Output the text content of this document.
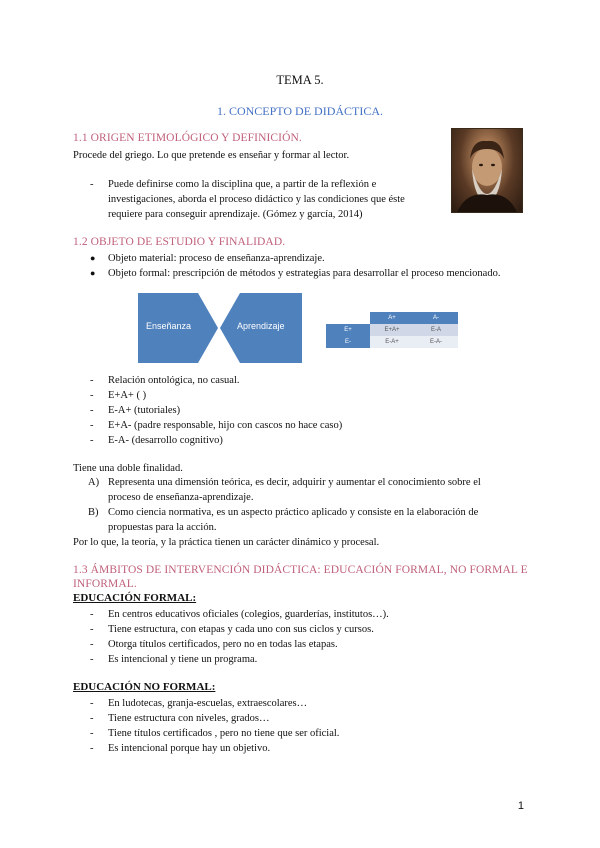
TEMA 5.
1. CONCEPTO DE DIDÁCTICA.
1.1 ORIGEN ETIMOLÓGICO Y DEFINICIÓN.
Procede del griego. Lo que pretende es enseñar y formar al lector.
- Puede definirse como la disciplina que, a partir de la reflexión e
investigaciones, aborda el proceso didáctico y las condiciones que éste
requiere para conseguir aprendizaje. (Gómez y garcía, 2014)
1.2 OBJETO DE ESTUDIO Y FINALIDAD.
● Objeto material: proceso de enseñanza-aprendizaje.
● Objeto formal: prescripción de métodos y estrategias para desarrollar el proceso mencionado.
Enseñanza	Aprendizaje
	A+	A-
E+	E+A+	E-A
E-	E-A+	E-A-
- Relación ontológica, no casual.
- E+A+ ( )
- E-A+ (tutoriales)
- E+A- (padre responsable, hijo con cascos no hace caso)
- E-A- (desarrollo cognitivo)
Tiene una doble finalidad.
A) Representa una dimensión teórica, es decir, adquirir y aumentar el conocimiento sobre el
proceso de enseñanza-aprendizaje.
B) Como ciencia normativa, es un aspecto práctico aplicado y consiste en la elaboración de
propuestas para la acción.
Por lo que, la teoría, y la práctica tienen un carácter dinámico y procesal.
1.3 ÁMBITOS DE INTERVENCIÓN DIDÁCTICA: EDUCACIÓN FORMAL, NO FORMAL E
INFORMAL.
EDUCACIÓN FORMAL:
- En centros educativos oficiales (colegios, guarderías, institutos…).
- Tiene estructura, con etapas y cada uno con sus ciclos y cursos.
- Otorga títulos certificados, pero no en todas las etapas.
- Es intencional y tiene un programa.
EDUCACIÓN NO FORMAL:
- En ludotecas, granja-escuelas, extraescolares…
- Tiene estructura con niveles, grados…
- Tiene títulos certificados , pero no tiene que ser oficial.
- Es intencional porque hay un objetivo.
1
